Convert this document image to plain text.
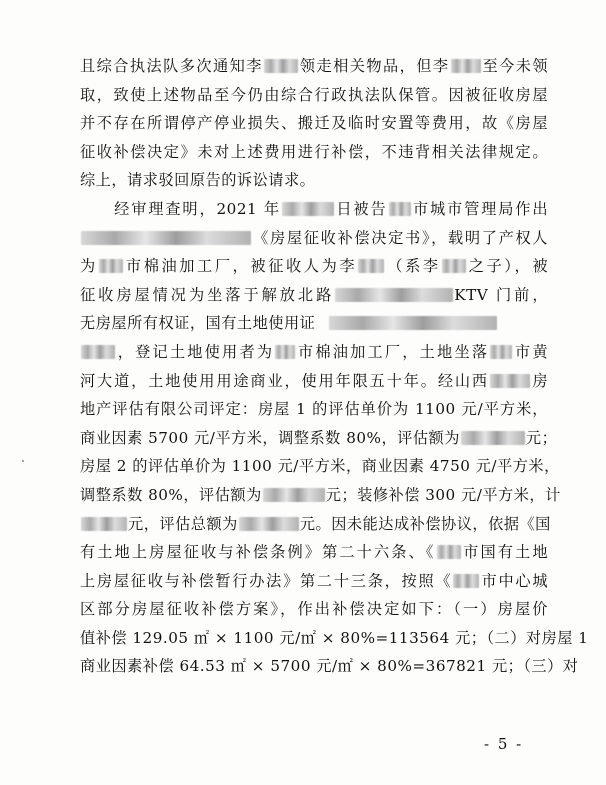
且综合执法队多次通知李 领走相关物品，但李 至今未领
取，致使上述物品至今仍由综合行政执法队保管。因被征收房屋
并不存在所谓停产停业损失、搬迁及临时安置等费用，故《房屋
征收补偿决定》未对上述费用进行补偿，不违背相关法律规定。
综上，请求驳回原告的诉讼请求。
　　经审理查明，2021 年	日被告 市城市管理局作出
《房屋征收补偿决定书》，载明了产权人
为 市棉油加工厂，被征收人为李 （系李 之子），被
征收房屋情况为坐落于解放北路	KTV 门前，
无房屋所有权证，国有土地使用证
，登记土地使用者为 市棉油加工厂，土地坐落 市黄
河大道，土地使用用途商业，使用年限五十年。经山西	房
地产评估有限公司评定：房屋 1 的评估单价为 1100 元/平方米，
商业因素 5700 元/平方米，调整系数 80%，评估额为	元；
房屋 2 的评估单价为 1100 元/平方米，商业因素 4750 元/平方米，
调整系数 80%，评估额为	元；装修补偿 300 元/平方米，计
元，评估总额为	元。因未能达成补偿协议，依据《国
有土地上房屋征收与补偿条例》第二十六条、《 市国有土地
上房屋征收与补偿暂行办法》第二十三条，按照《 市中心城
区部分房屋征收补偿方案》，作出补偿决定如下：（一）房屋价
值补偿 129.05 ㎡ × 1100 元/㎡ × 80%=113564 元；（二）对房屋 1
商业因素补偿 64.53 ㎡ × 5700 元/㎡ × 80%=367821 元；（三）对
- 5 -
